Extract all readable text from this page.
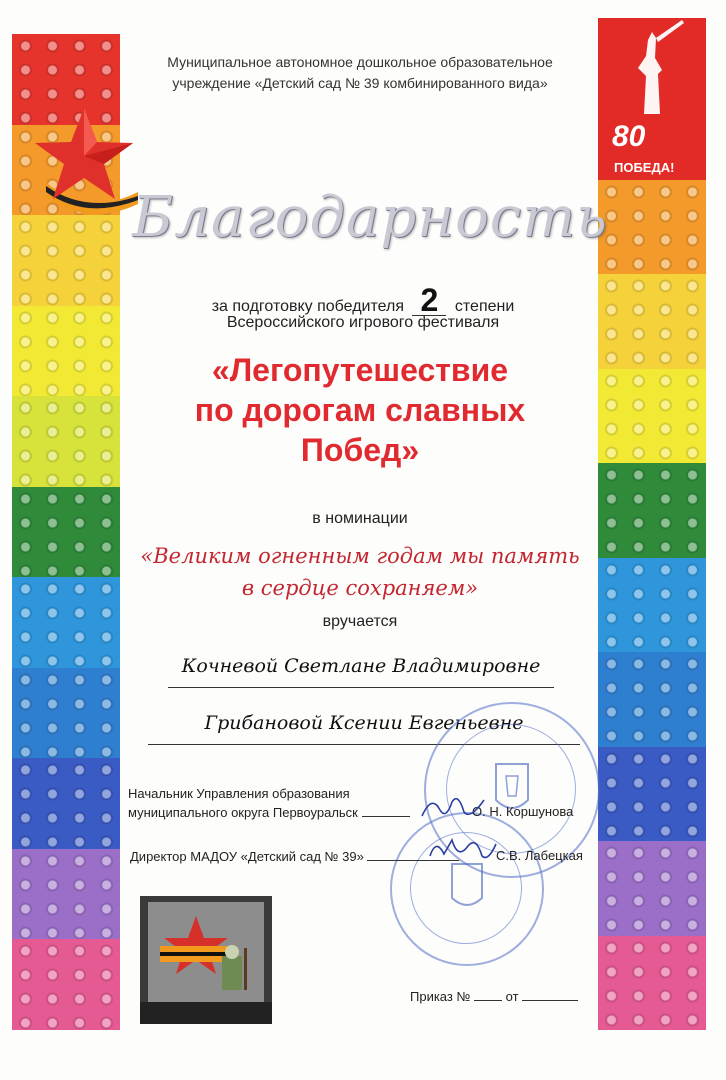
80
ПОБЕДА!
Муниципальное автономное дошкольное образовательное
учреждение «Детский сад № 39 комбинированного вида»
Благодарность
за подготовку победителя 2 степени
Всероссийского игрового фестиваля
«Легопутешествие
по дорогам славных
Побед»
в номинации
«Великим огненным годам мы память
в сердце сохраняем»
вручается
Кочневой Светлане Владимировне
Грибановой Ксении Евгеньевне
Начальник Управления образования
муниципального округа Первоуральск	О. Н. Коршунова
Директор МАДОУ «Детский сад № 39»	С.В. Лабецкая
Приказ №	от
